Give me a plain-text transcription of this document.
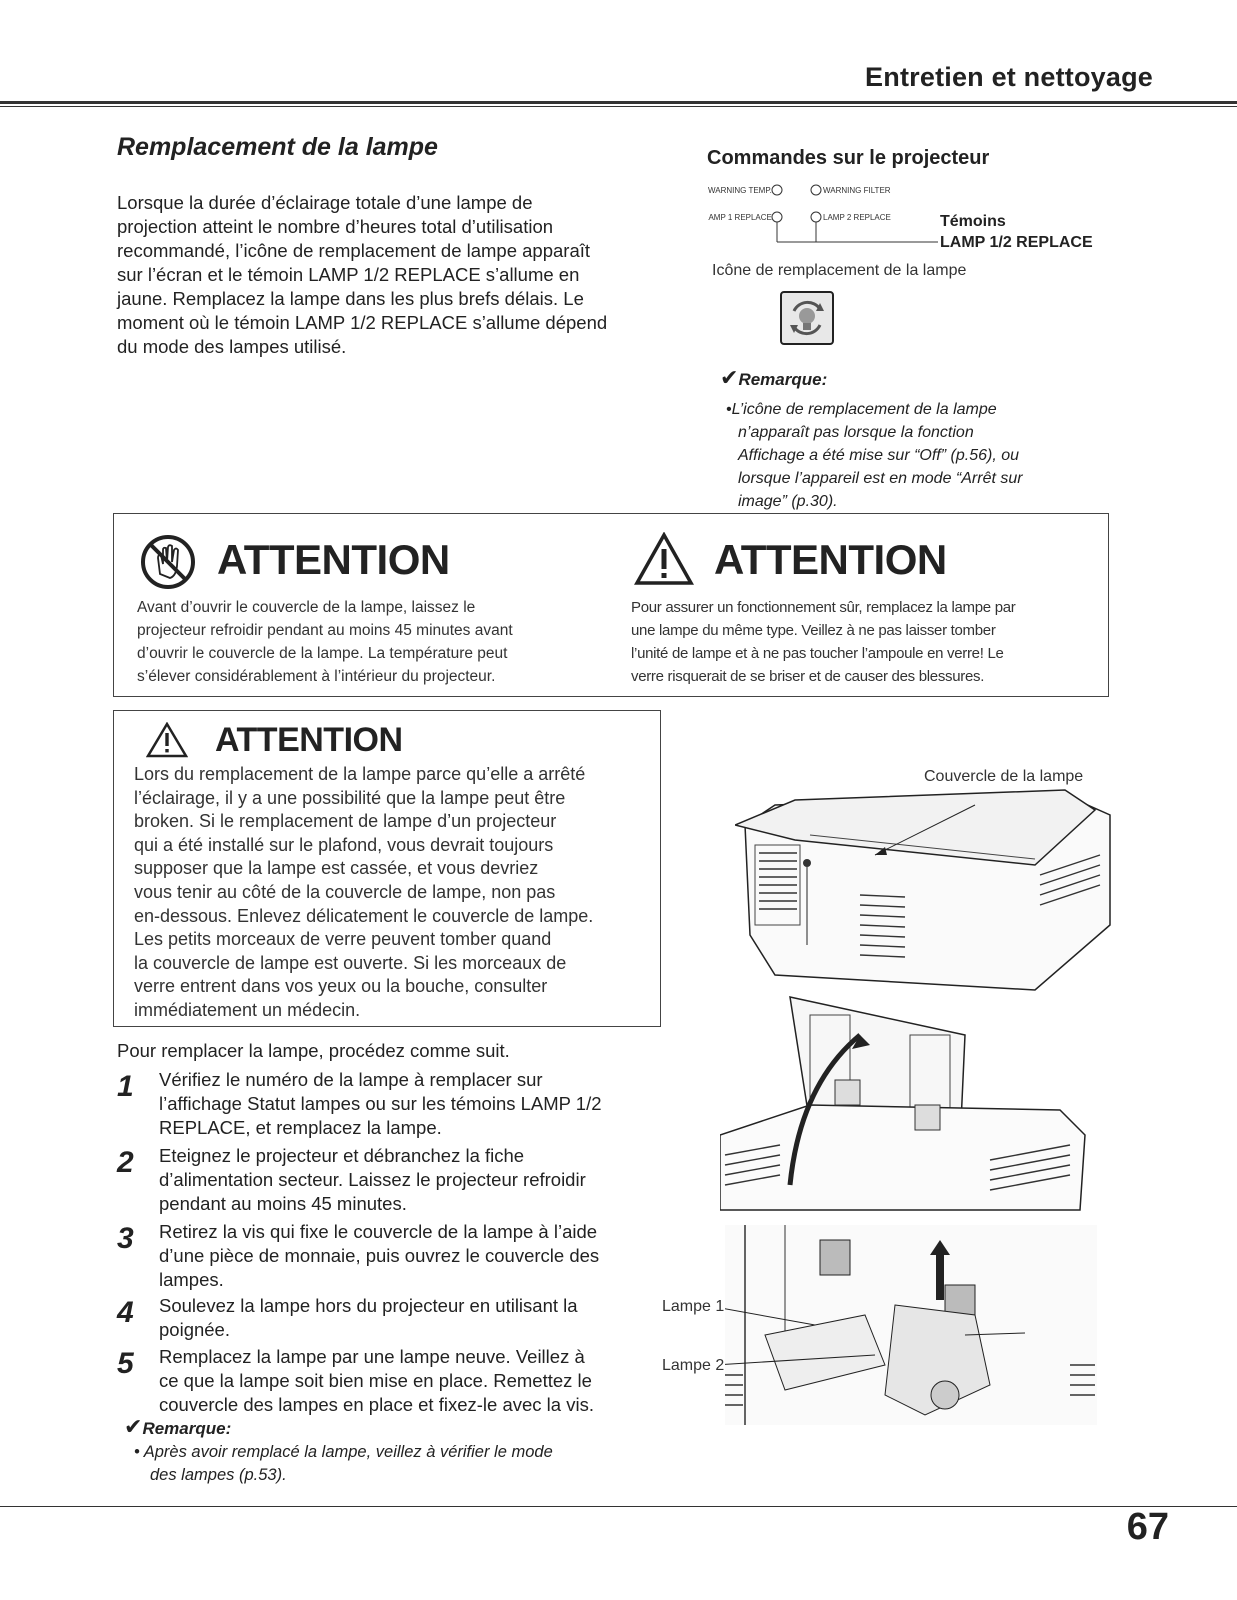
Entretien et nettoyage
Remplacement de la lampe
Lorsque la durée d’éclairage totale d’une lampe de
projection atteint le nombre d’heures total d’utilisation
recommandé, l’icône de remplacement de lampe apparaît
sur l’écran et le témoin LAMP 1/2 REPLACE s’allume en
jaune. Remplacez la lampe dans les plus brefs délais. Le
moment où le témoin LAMP 1/2 REPLACE s’allume dépend
du mode des lampes utilisé.
Commandes sur le projecteur
WARNING TEMP.	WARNING FILTER
LAMP 1 REPLACE	LAMP 2 REPLACE	Témoins
LAMP 1/2 REPLACE
Icône de remplacement de la lampe
✔Remarque:
•L’icône de remplacement de la lampe
n’apparaît pas lorsque la fonction
Affichage a été mise sur “Off” (p.56), ou
lorsque l’appareil est en mode “Arrêt sur
image” (p.30).
ATTENTION
Avant d’ouvrir le couvercle de la lampe, laissez le
projecteur refroidir pendant au moins 45 minutes avant
d’ouvrir le couvercle de la lampe. La température peut
s’élever considérablement à l’intérieur du projecteur.
ATTENTION
Pour assurer un fonctionnement sûr, remplacez la lampe par
une lampe du même type. Veillez à ne pas laisser tomber
l’unité de lampe et à ne pas toucher l’ampoule en verre! Le
verre risquerait de se briser et de causer des blessures.
ATTENTION
Lors du remplacement de la lampe parce qu’elle a arrêté
l’éclairage, il y a une possibilité que la lampe peut être
broken. Si le remplacement de lampe d’un projecteur
qui a été installé sur le plafond, vous devrait toujours
supposer que la lampe est cassée, et vous devriez
vous tenir au côté de la couvercle de lampe, non pas
en-dessous. Enlevez délicatement le couvercle de lampe.
Les petits morceaux de verre peuvent tomber quand
la couvercle de lampe est ouverte. Si les morceaux de
verre entrent dans vos yeux ou la bouche, consulter
immédiatement un médecin.
Pour remplacer la lampe, procédez comme suit.
1 Vérifiez le numéro de la lampe à remplacer sur
l’affichage Statut lampes ou sur les témoins LAMP 1/2
REPLACE, et remplacez la lampe.
2 Eteignez le projecteur et débranchez la fiche
d’alimentation secteur. Laissez le projecteur refroidir
pendant au moins 45 minutes.
3 Retirez la vis qui fixe le couvercle de la lampe à l’aide
d’une pièce de monnaie, puis ouvrez le couvercle des
lampes.
4 Soulevez la lampe hors du projecteur en utilisant la
poignée.
5 Remplacez la lampe par une lampe neuve. Veillez à
ce que la lampe soit bien mise en place. Remettez le
couvercle des lampes en place et fixez-le avec la vis.
✔Remarque:
• Après avoir remplacé la lampe, veillez à vérifier le mode
des lampes (p.53).
Couvercle de la lampe
Lampe 1
Lampe 2
67
